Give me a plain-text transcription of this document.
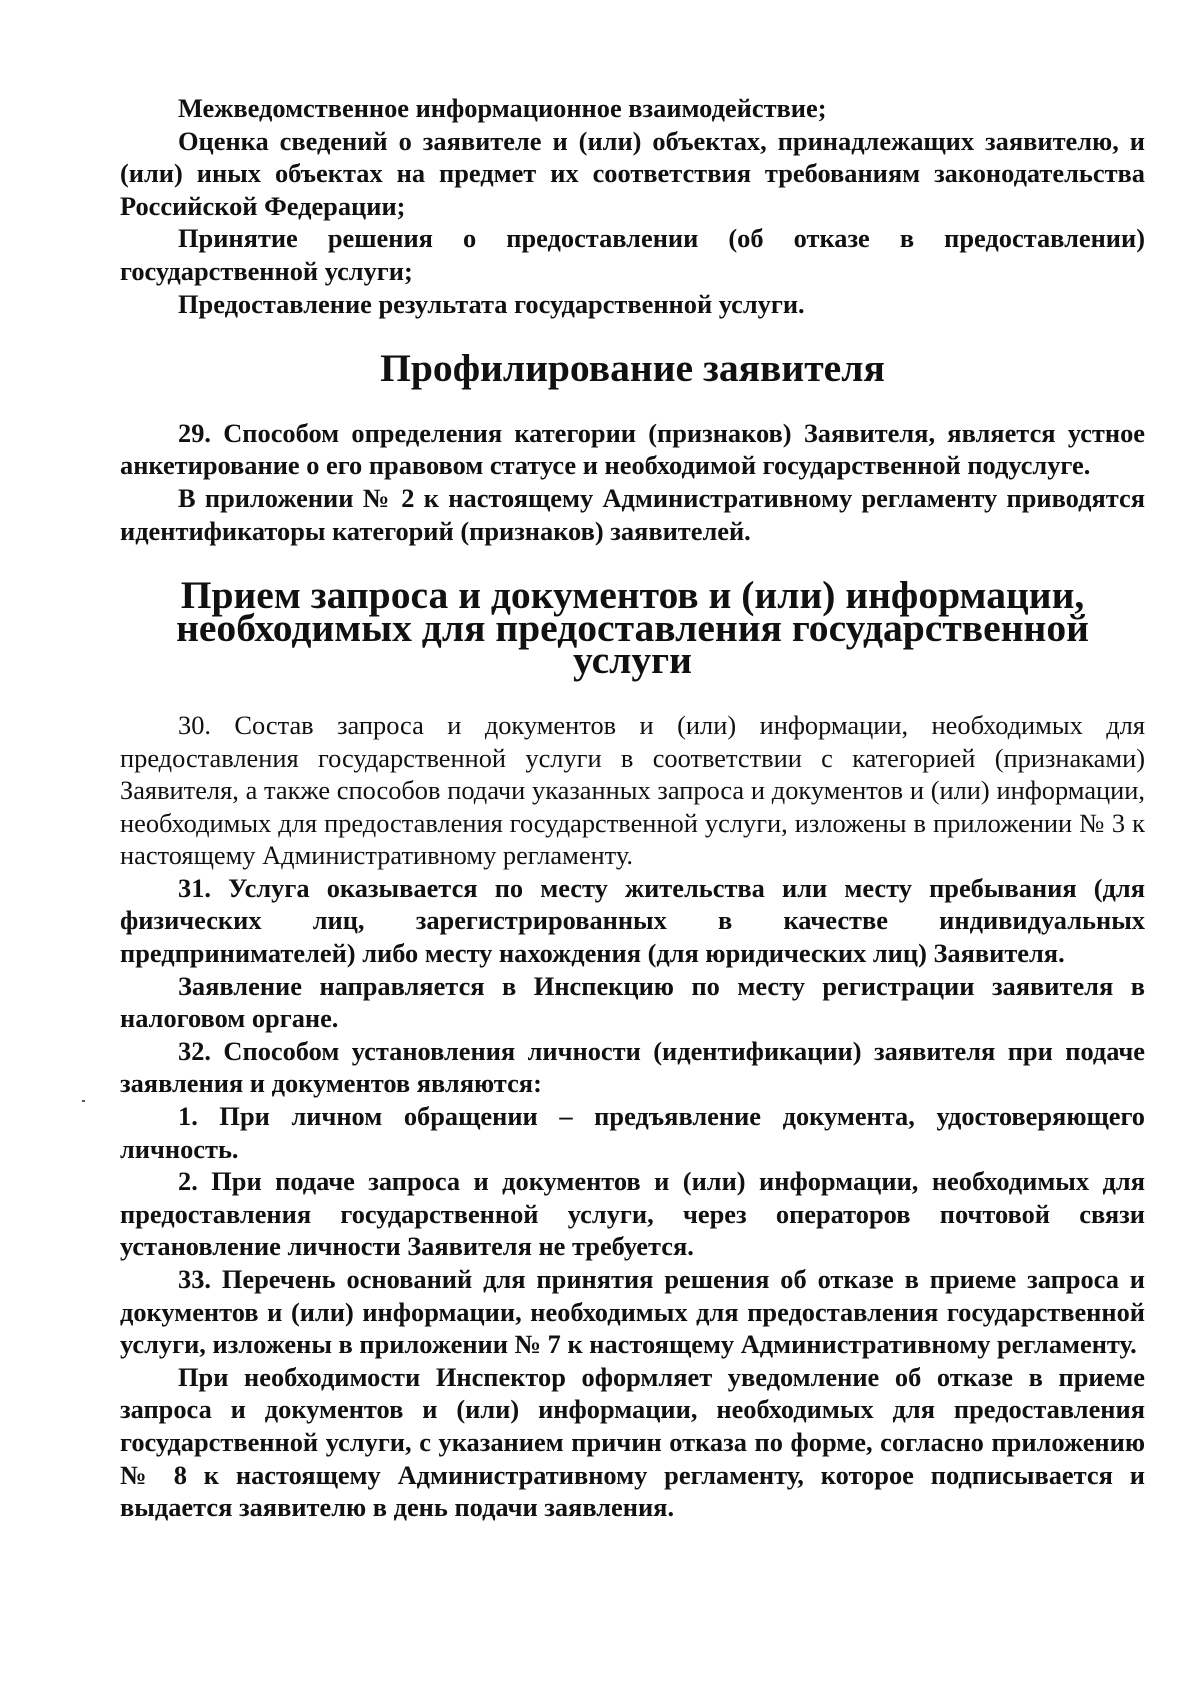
Межведомственное информационное взаимодействие;

Оценка сведений о заявителе и (или) объектах, принадлежащих заявителю, и (или) иных объектах на предмет их соответствия требованиям законодательства Российской Федерации;

Принятие решения о предоставлении (об отказе в предоставлении) государственной услуги;

Предоставление результата государственной услуги.

Профилирование заявителя

29. Способом определения категории (признаков) Заявителя, является устное анкетирование о его правовом статусе и необходимой государственной подуслуге.

В приложении № 2 к настоящему Административному регламенту приводятся идентификаторы категорий (признаков) заявителей.

Прием запроса и документов и (или) информации, необходимых для предоставления государственной услуги

30. Состав запроса и документов и (или) информации, необходимых для предоставления государственной услуги в соответствии с категорией (признаками) Заявителя, а также способов подачи указанных запроса и документов и (или) информации, необходимых для предоставления государственной услуги, изложены в приложении № 3 к настоящему Административному регламенту.

31. Услуга оказывается по месту жительства или месту пребывания (для физических лиц, зарегистрированных в качестве индивидуальных предпринимателей) либо месту нахождения (для юридических лиц) Заявителя.

Заявление направляется в Инспекцию по месту регистрации заявителя в налоговом органе.

32. Способом установления личности (идентификации) заявителя при подаче заявления и документов являются:

1. При личном обращении – предъявление документа, удостоверяющего личность.

2. При подаче запроса и документов и (или) информации, необходимых для предоставления государственной услуги, через операторов почтовой связи установление личности Заявителя не требуется.

33. Перечень оснований для принятия решения об отказе в приеме запроса и документов и (или) информации, необходимых для предоставления государственной услуги, изложены в приложении № 7 к настоящему Административному регламенту.

При необходимости Инспектор оформляет уведомление об отказе в приеме запроса и документов и (или) информации, необходимых для предоставления государственной услуги, с указанием причин отказа по форме, согласно приложению № 8 к настоящему Административному регламенту, которое подписывается и выдается заявителю в день подачи заявления.
